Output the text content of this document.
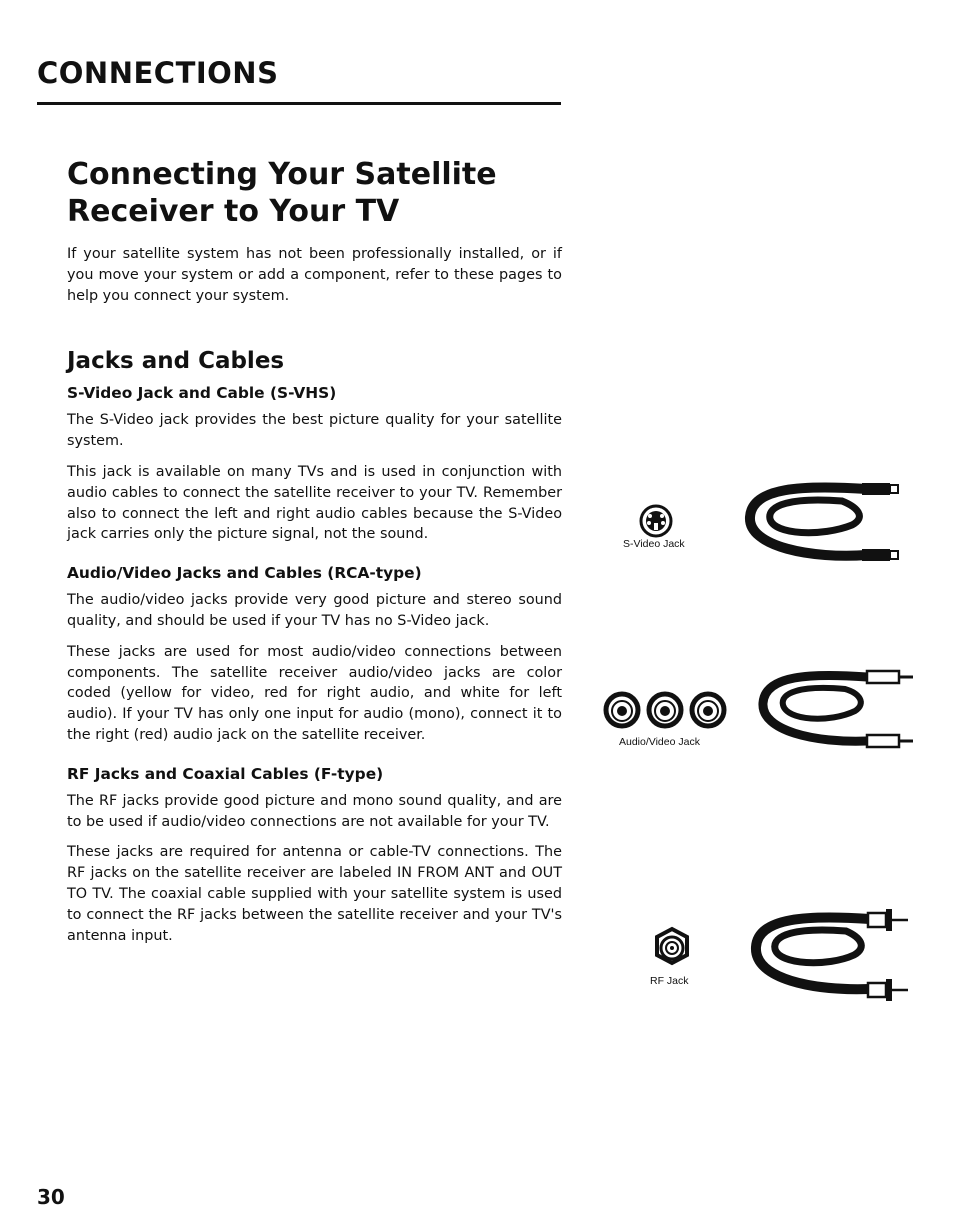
CONNECTIONS
Connecting Your Satellite
Receiver to Your TV

If your satellite system has not been professionally installed, or if you move your system or add a component, refer to these pages to help you connect your system.

Jacks and Cables
S-Video Jack and Cable (S-VHS)

The S-Video jack provides the best picture quality for your satellite system.

This jack is available on many TVs and is used in conjunction with audio cables to connect the satellite receiver to your TV. Remember also to connect the left and right audio cables because the S-Video jack carries only the picture signal, not the sound.

Audio/Video Jacks and Cables (RCA-type)

The audio/video jacks provide very good picture and stereo sound quality, and should be used if your TV has no S-Video jack.

These jacks are used for most audio/video connections between components. The satellite receiver audio/video jacks are color coded (yellow for video, red for right audio, and white for left audio). If your TV has only one input for audio (mono), connect it to the right (red) audio jack on the satellite receiver.

RF Jacks and Coaxial Cables (F-type)

The RF jacks provide good picture and mono sound quality, and are to be used if audio/video connections are not available for your TV.

These jacks are required for antenna or cable-TV connections. The RF jacks on the satellite receiver are labeled IN FROM ANT and OUT TO TV. The coaxial cable supplied with your satellite system is used to connect the RF jacks between the satellite receiver and your TV's antenna input.

S-Video Jack
Audio/Video Jack
RF Jack
30
